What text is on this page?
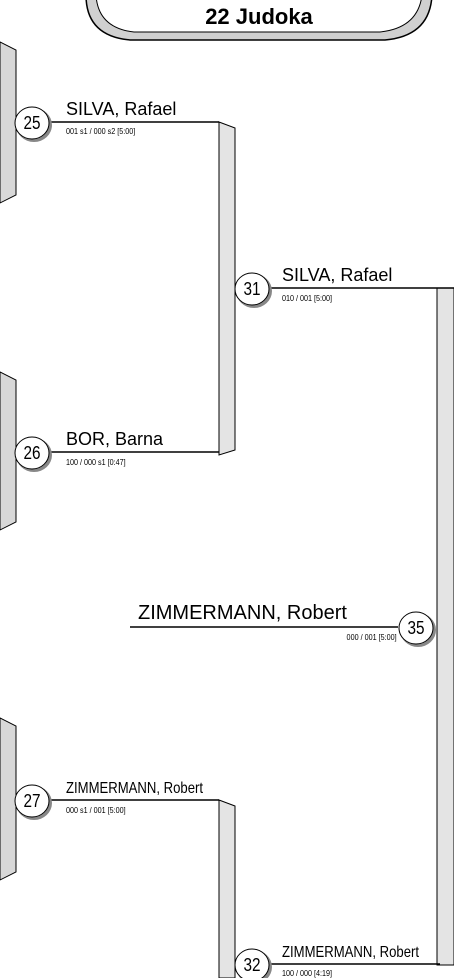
22 Judoka
25
SILVA, Rafael
001 s1 / 000 s2 [5:00]
26
BOR, Barna
100 / 000 s1 [0:47]
27
ZIMMERMANN, Robert
000 s1 / 001 [5:00]
31
SILVA, Rafael
010 / 001 [5:00]
32
ZIMMERMANN, Robert
100 / 000 [4:19]
35
ZIMMERMANN, Robert
000 / 001 [5:00]
